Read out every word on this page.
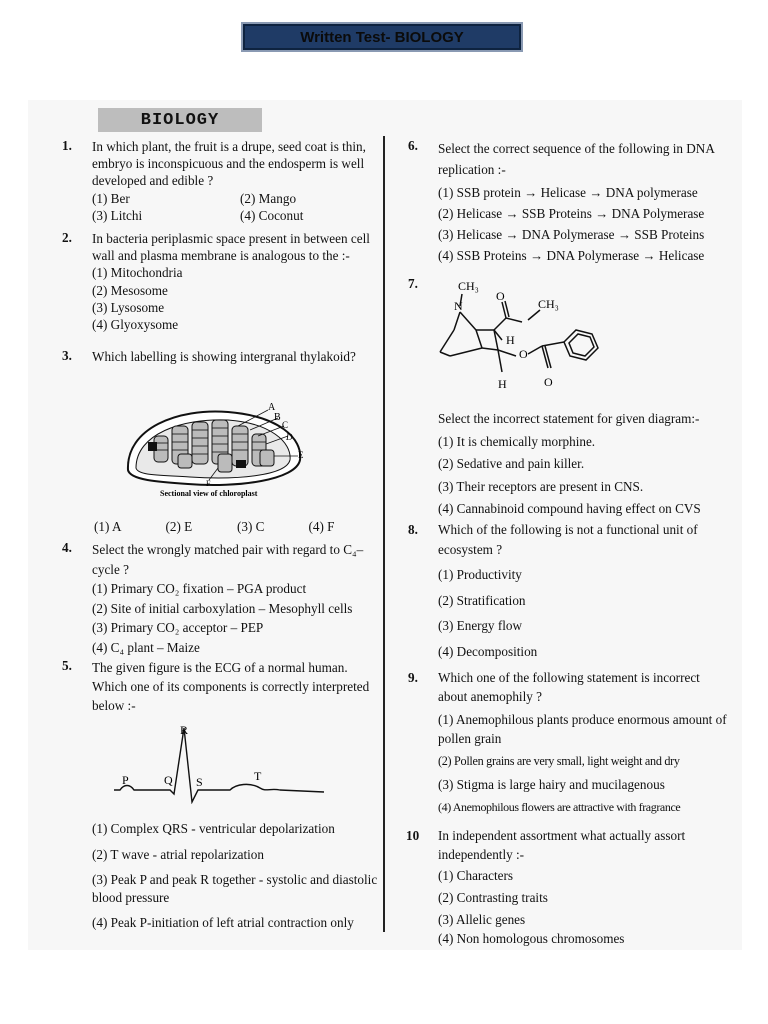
Written Test- BIOLOGY
BIOLOGY
1. In which plant, the fruit is a drupe, seed coat is thin, embryo is inconspicuous and the endosperm is well developed and edible ?
(1) Ber	(2) Mango
(3) Litchi	(4) Coconut
2. In bacteria periplasmic space present in between cell wall and plasma membrane is analogous to the :-
(1) Mitochondria
(2) Mesosome
(3) Lysosome
(4) Glyoxysome
3. Which labelling is showing intergranal thylakoid?
A
B
C
D
E
F
Sectional view of chloroplast
(1) A	(2) E	(3) C	(4) F
4. Select the wrongly matched pair with regard to C₄–cycle ?
(1) Primary CO₂ fixation – PGA product
(2) Site of initial carboxylation – Mesophyll cells
(3) Primary CO₂ acceptor – PEP
(4) C₄ plant – Maize
5. The given figure is the ECG of a normal human. Which one of its components is correctly interpreted below :-
R
P	Q S	T
(1) Complex QRS - ventricular depolarization
(2) T wave - atrial repolarization
(3) Peak P and peak R together - systolic and diastolic blood pressure
(4) Peak P-initiation of left atrial contraction only
6. Select the correct sequence of the following in DNA replication :-
(1) SSB protein → Helicase → DNA polymerase
(2) Helicase → SSB Proteins → DNA Polymerase
(3) Helicase → DNA Polymerase → SSB Proteins
(4) SSB Proteins → DNA Polymerase → Helicase
7.	CH₃
N
O
CH₃
H
O
H	O
Select the incorrect statement for given diagram:-
(1) It is chemically morphine.
(2) Sedative and pain killer.
(3) Their receptors are present in CNS.
(4) Cannabinoid compound having effect on CVS
8. Which of the following is not a functional unit of ecosystem ?
(1) Productivity
(2) Stratification
(3) Energy flow
(4) Decomposition
9. Which one of the following statement is incorrect about anemophily ?
(1) Anemophilous plants produce enormous amount of pollen grain
(2) Pollen grains are very small, light weight and dry
(3) Stigma is large hairy and mucilagenous
(4) Anemophilous flowers are attractive with fragrance
10 In independent assortment what actually assort independently :-
(1) Characters
(2) Contrasting traits
(3) Allelic genes
(4) Non homologous chromosomes
